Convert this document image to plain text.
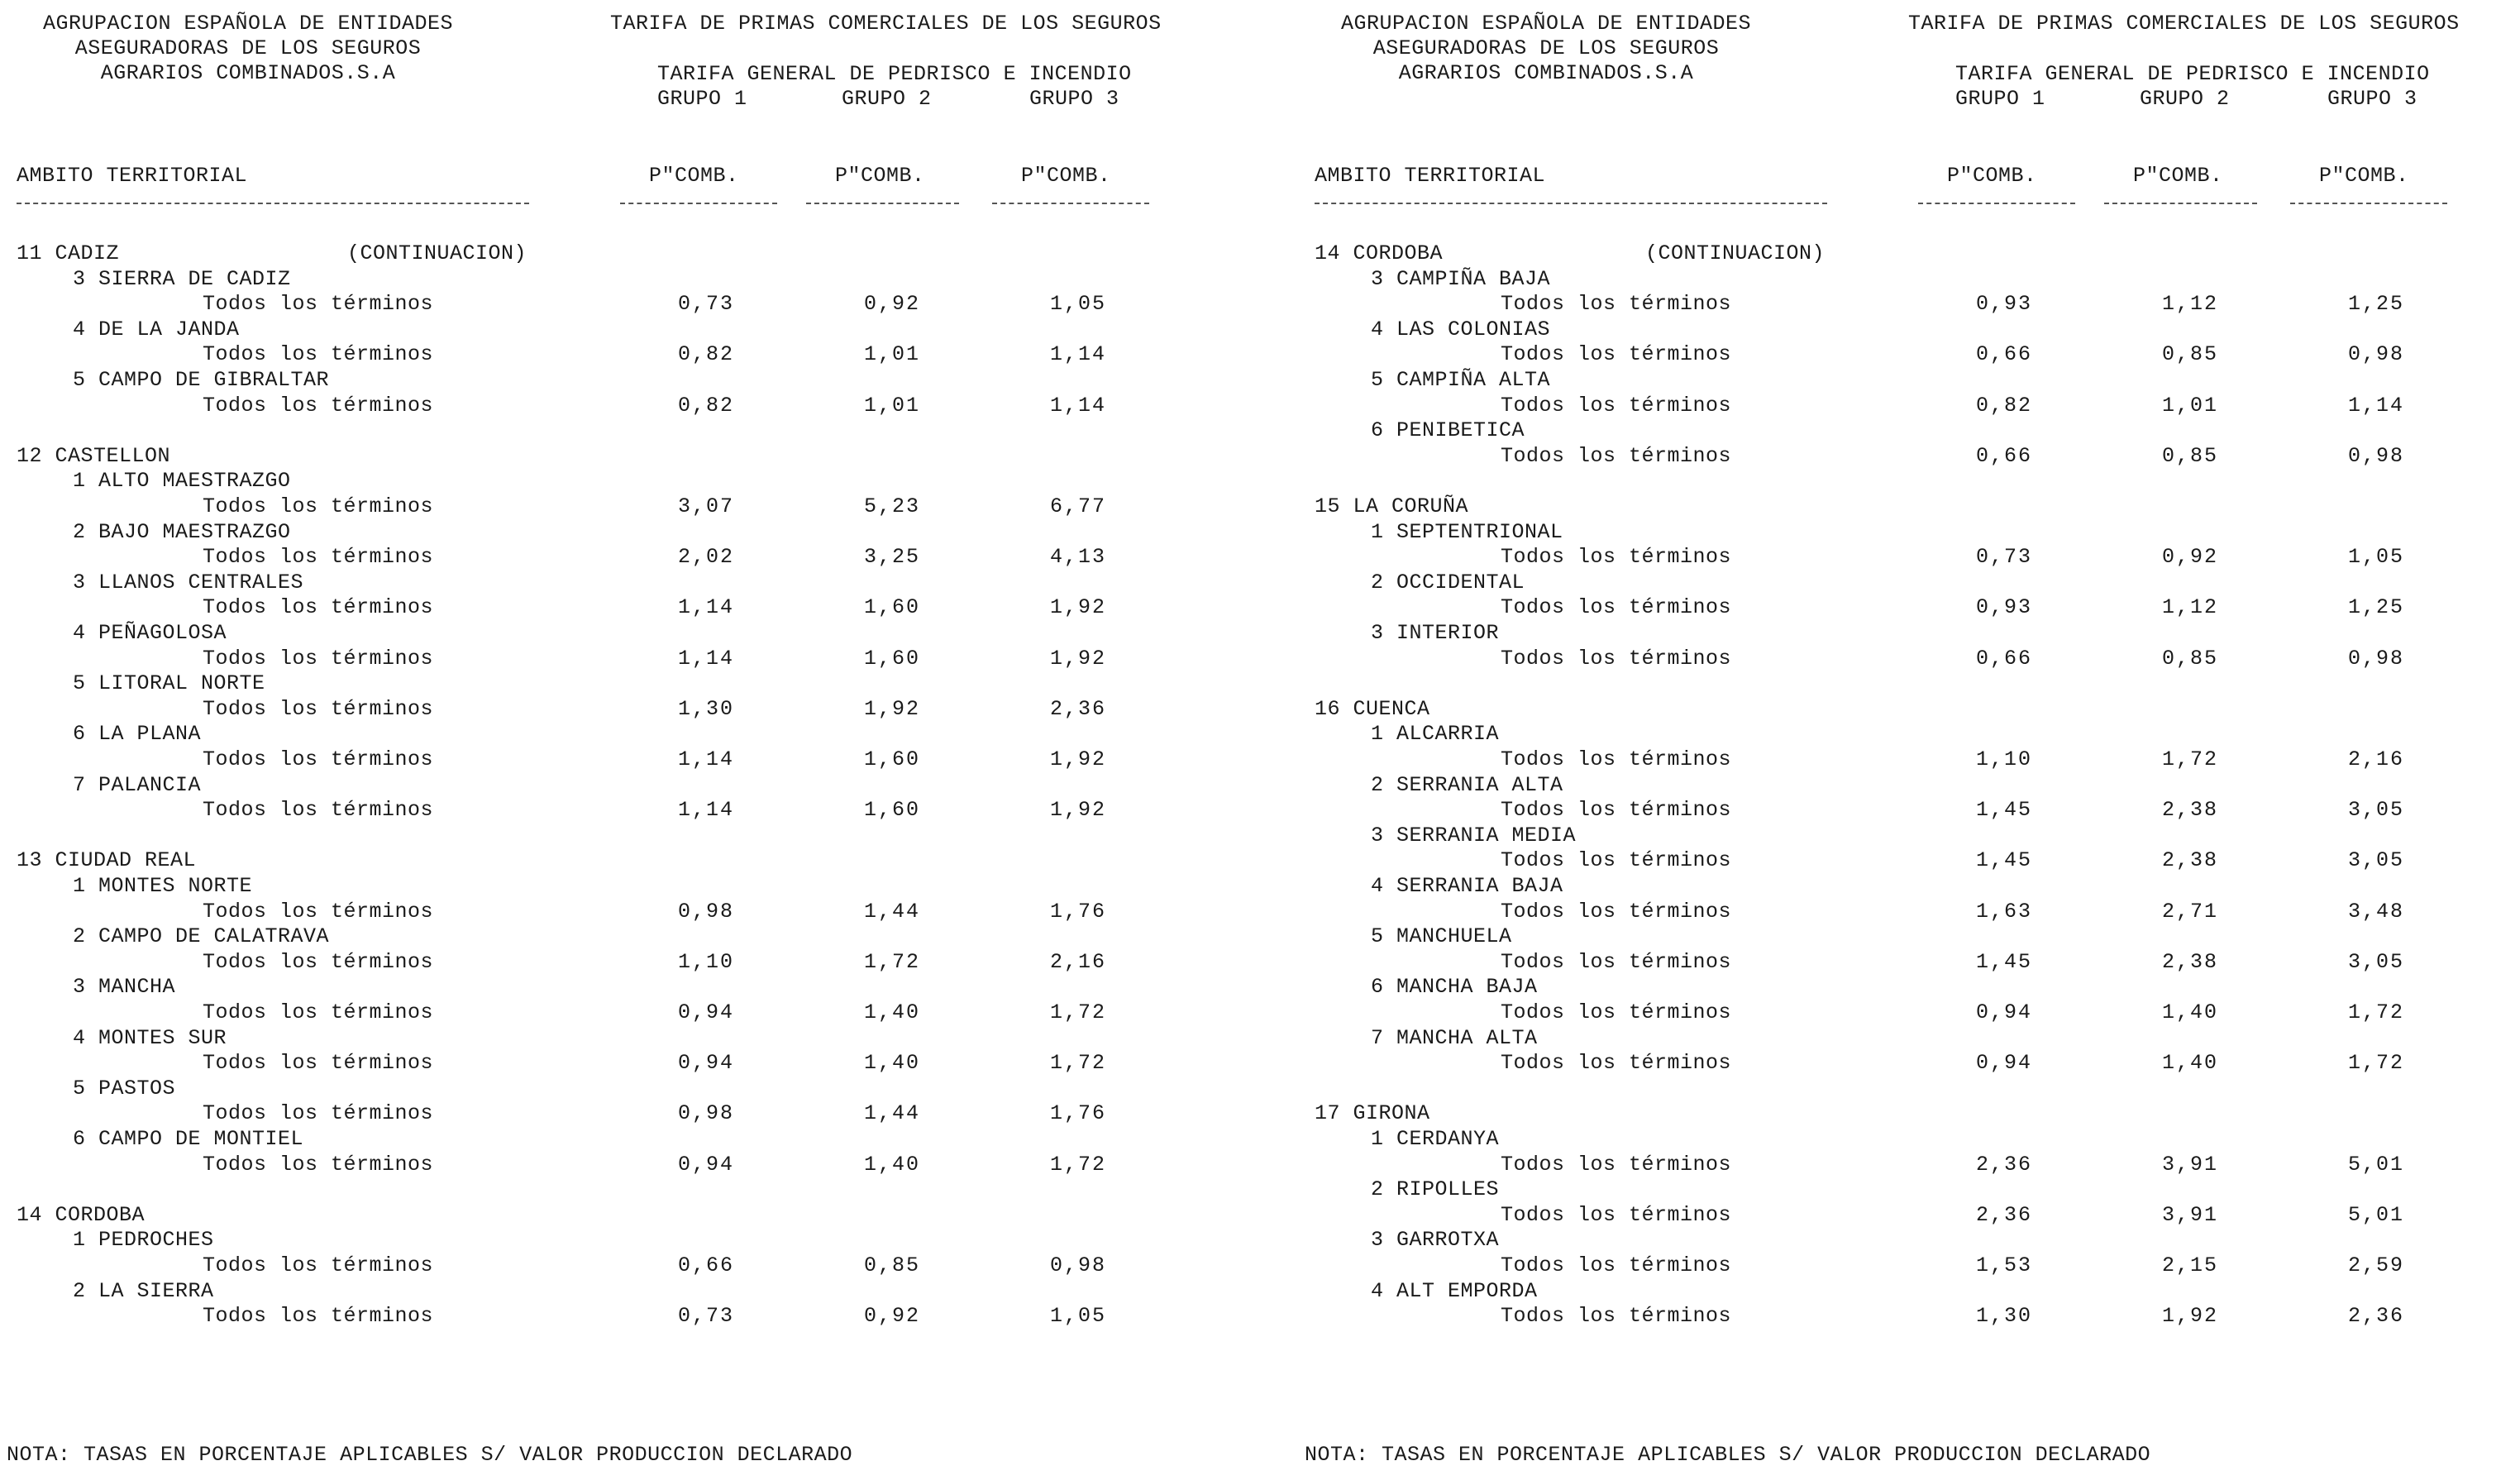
AGRUPACION ESPAÑOLA DE ENTIDADES
ASEGURADORAS DE LOS SEGUROS
AGRARIOS COMBINADOS.S.A
TARIFA DE PRIMAS COMERCIALES DE LOS SEGUROS
TARIFA GENERAL DE PEDRISCO E INCENDIO
GRUPO 1	GRUPO 2	GRUPO 3
AMBITO TERRITORIAL	P"COMB.	P"COMB.	P"COMB.
11 CADIZ	(CONTINUACION)
3 SIERRA DE CADIZ
Todos los términos	0,73	0,92	1,05
4 DE LA JANDA
Todos los términos	0,82	1,01	1,14
5 CAMPO DE GIBRALTAR
Todos los términos	0,82	1,01	1,14
12 CASTELLON
1 ALTO MAESTRAZGO
Todos los términos	3,07	5,23	6,77
2 BAJO MAESTRAZGO
Todos los términos	2,02	3,25	4,13
3 LLANOS CENTRALES
Todos los términos	1,14	1,60	1,92
4 PEÑAGOLOSA
Todos los términos	1,14	1,60	1,92
5 LITORAL NORTE
Todos los términos	1,30	1,92	2,36
6 LA PLANA
Todos los términos	1,14	1,60	1,92
7 PALANCIA
Todos los términos	1,14	1,60	1,92
13 CIUDAD REAL
1 MONTES NORTE
Todos los términos	0,98	1,44	1,76
2 CAMPO DE CALATRAVA
Todos los términos	1,10	1,72	2,16
3 MANCHA
Todos los términos	0,94	1,40	1,72
4 MONTES SUR
Todos los términos	0,94	1,40	1,72
5 PASTOS
Todos los términos	0,98	1,44	1,76
6 CAMPO DE MONTIEL
Todos los términos	0,94	1,40	1,72
14 CORDOBA
1 PEDROCHES
Todos los términos	0,66	0,85	0,98
2 LA SIERRA
Todos los términos	0,73	0,92	1,05
NOTA: TASAS EN PORCENTAJE APLICABLES S/ VALOR PRODUCCION DECLARADO
AGRUPACION ESPAÑOLA DE ENTIDADES
ASEGURADORAS DE LOS SEGUROS
AGRARIOS COMBINADOS.S.A
TARIFA DE PRIMAS COMERCIALES DE LOS SEGUROS
TARIFA GENERAL DE PEDRISCO E INCENDIO
GRUPO 1	GRUPO 2	GRUPO 3
AMBITO TERRITORIAL	P"COMB.	P"COMB.	P"COMB.
14 CORDOBA	(CONTINUACION)
3 CAMPIÑA BAJA
Todos los términos	0,93	1,12	1,25
4 LAS COLONIAS
Todos los términos	0,66	0,85	0,98
5 CAMPIÑA ALTA
Todos los términos	0,82	1,01	1,14
6 PENIBETICA
Todos los términos	0,66	0,85	0,98
15 LA CORUÑA
1 SEPTENTRIONAL
Todos los términos	0,73	0,92	1,05
2 OCCIDENTAL
Todos los términos	0,93	1,12	1,25
3 INTERIOR
Todos los términos	0,66	0,85	0,98
16 CUENCA
1 ALCARRIA
Todos los términos	1,10	1,72	2,16
2 SERRANIA ALTA
Todos los términos	1,45	2,38	3,05
3 SERRANIA MEDIA
Todos los términos	1,45	2,38	3,05
4 SERRANIA BAJA
Todos los términos	1,63	2,71	3,48
5 MANCHUELA
Todos los términos	1,45	2,38	3,05
6 MANCHA BAJA
Todos los términos	0,94	1,40	1,72
7 MANCHA ALTA
Todos los términos	0,94	1,40	1,72
17 GIRONA
1 CERDANYA
Todos los términos	2,36	3,91	5,01
2 RIPOLLES
Todos los términos	2,36	3,91	5,01
3 GARROTXA
Todos los términos	1,53	2,15	2,59
4 ALT EMPORDA
Todos los términos	1,30	1,92	2,36
NOTA: TASAS EN PORCENTAJE APLICABLES S/ VALOR PRODUCCION DECLARADO
